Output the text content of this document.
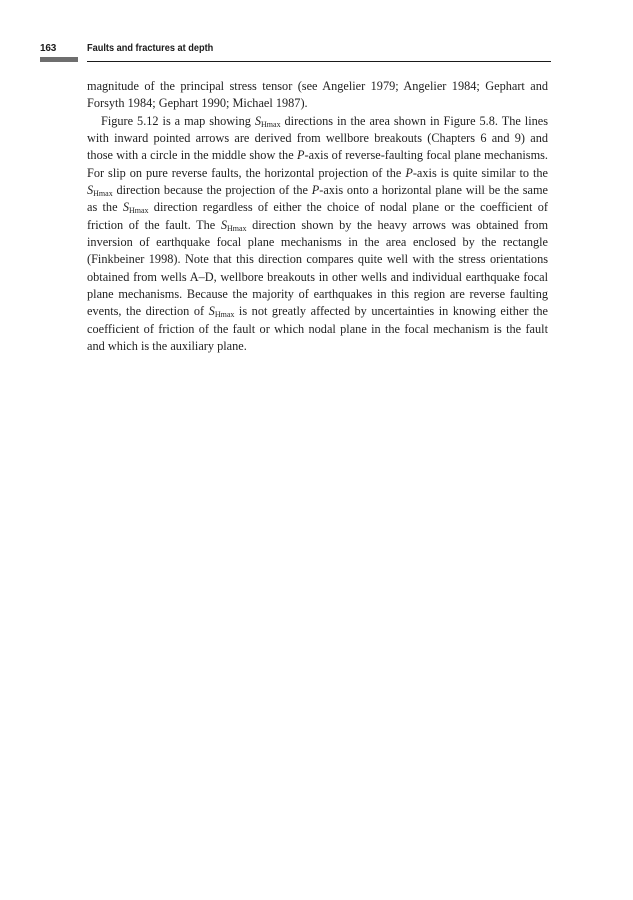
163	Faults and fractures at depth

magnitude of the principal stress tensor (see Angelier 1979; Angelier 1984; Gephart and Forsyth 1984; Gephart 1990; Michael 1987).

Figure 5.12 is a map showing $S_{Hmax}$ directions in the area shown in Figure 5.8. The lines with inward pointed arrows are derived from wellbore breakouts (Chapters 6 and 9) and those with a circle in the middle show the P-axis of reverse-faulting focal plane mechanisms. For slip on pure reverse faults, the horizontal projection of the P-axis is quite similar to the $S_{Hmax}$ direction because the projection of the P-axis onto a horizontal plane will be the same as the $S_{Hmax}$ direction regardless of either the choice of nodal plane or the coefficient of friction of the fault. The $S_{Hmax}$ direction shown by the heavy arrows was obtained from inversion of earthquake focal plane mechanisms in the area enclosed by the rectangle (Finkbeiner 1998). Note that this direction compares quite well with the stress orientations obtained from wells A–D, wellbore breakouts in other wells and individual earthquake focal plane mechanisms. Because the majority of earthquakes in this region are reverse faulting events, the direction of $S_{Hmax}$ is not greatly affected by uncertainties in knowing either the coefficient of friction of the fault or which nodal plane in the focal mechanism is the fault and which is the auxiliary plane.
